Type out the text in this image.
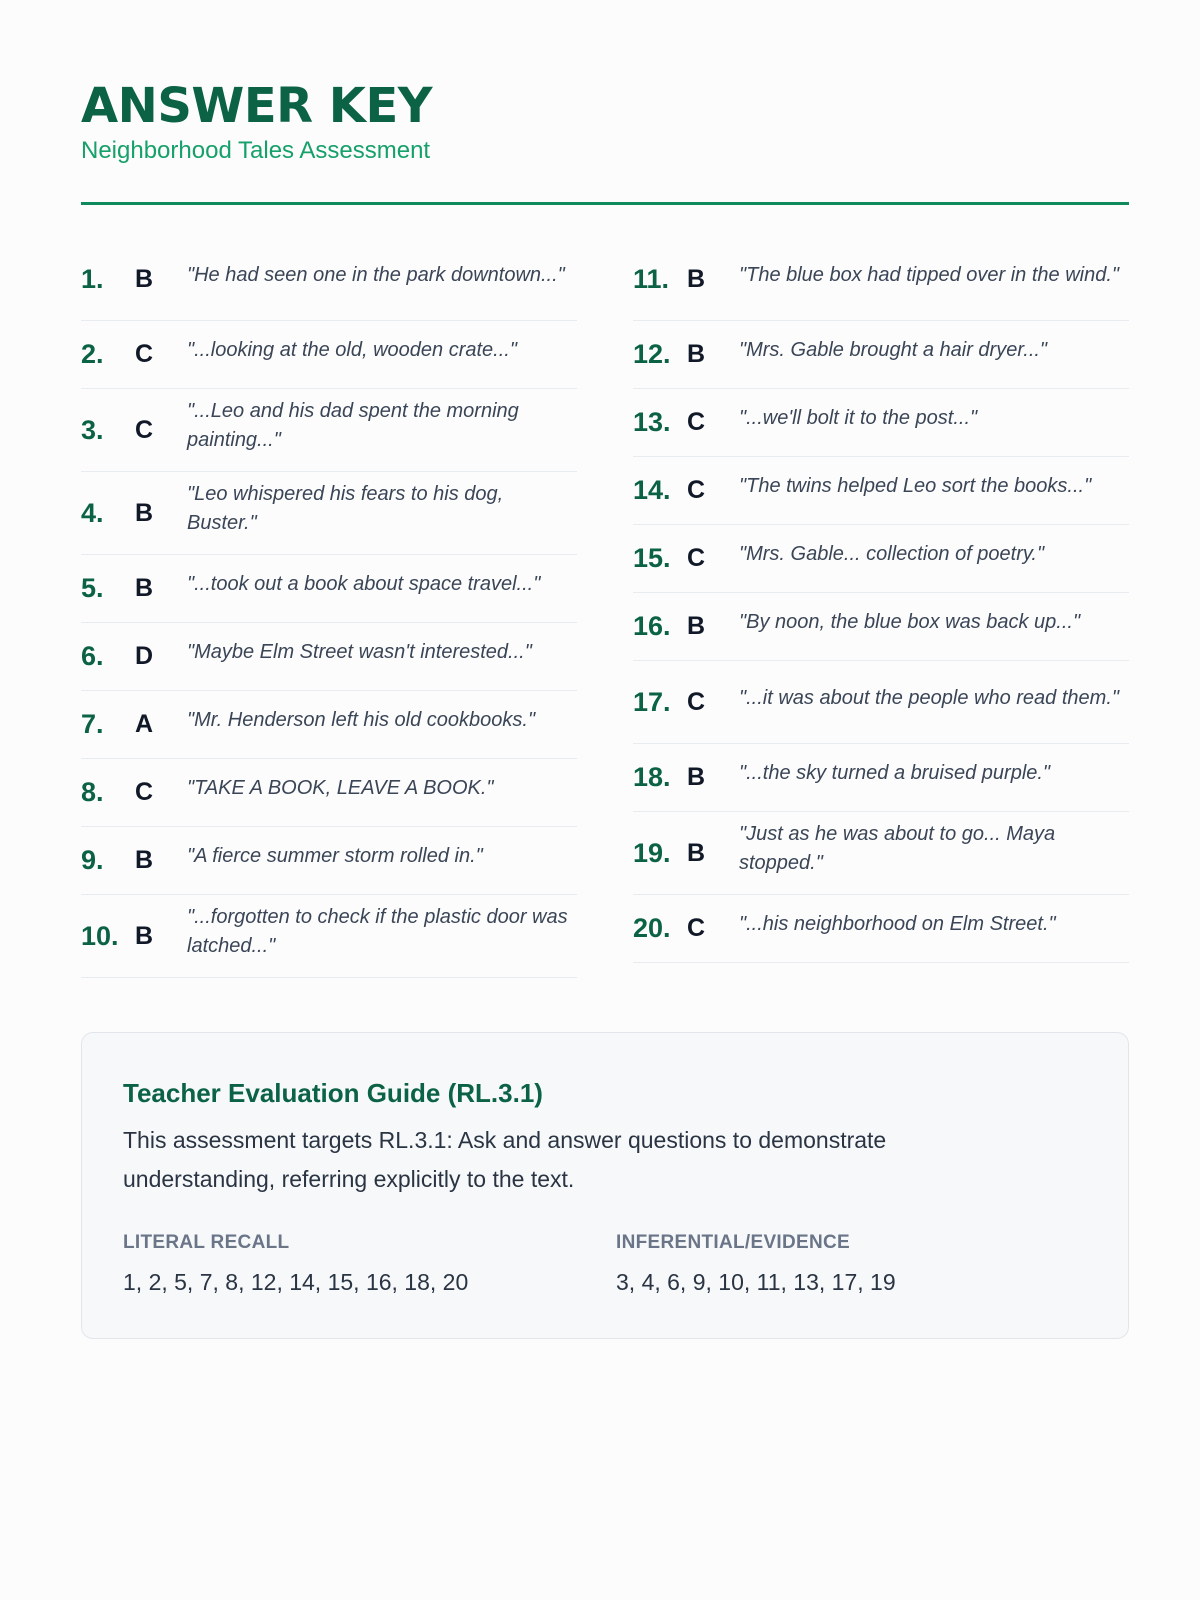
ANSWER KEY
Neighborhood Tales Assessment
1.	B	"He had seen one in the park downtown..."
2.	C	"...looking at the old, wooden crate..."
3.	C
"...Leo and his dad spent the morning painting..."
4.	B
"Leo whispered his fears to his dog, Buster."
5.	B	"...took out a book about space travel..."
6.	D	"Maybe Elm Street wasn't interested..."
7.	A	"Mr. Henderson left his old cookbooks."
8.	C	"TAKE A BOOK, LEAVE A BOOK."
9.	B	"A fierce summer storm rolled in."
10. B
"...forgotten to check if the plastic door was latched..."
11. B	"The blue box had tipped over in the wind."
12. B	"Mrs. Gable brought a hair dryer..."
13. C	"...we'll bolt it to the post..."
14. C	"The twins helped Leo sort the books..."
15. C	"Mrs. Gable... collection of poetry."
16. B	"By noon, the blue box was back up..."
17. C	"...it was about the people who read them."
18. B	"...the sky turned a bruised purple."
19. B
"Just as he was about to go... Maya stopped."
20. C	"...his neighborhood on Elm Street."
Teacher Evaluation Guide (RL.3.1)
This assessment targets RL.3.1: Ask and answer questions to demonstrate understanding, referring explicitly to the text.
LITERAL RECALL
1, 2, 5, 7, 8, 12, 14, 15, 16, 18, 20
INFERENTIAL/EVIDENCE
3, 4, 6, 9, 10, 11, 13, 17, 19
